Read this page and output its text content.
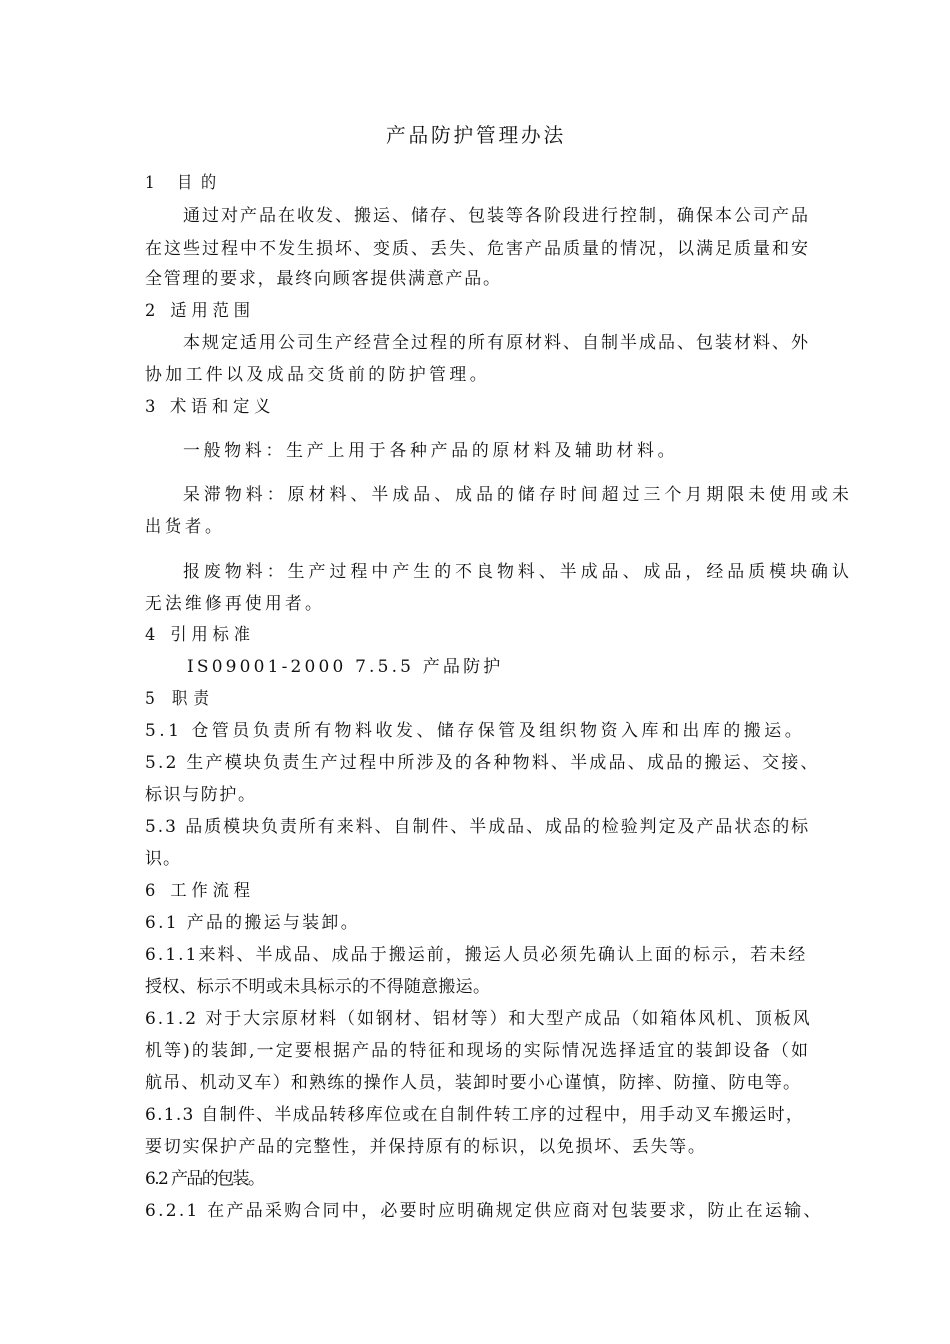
产品防护管理办法
1 目的
通过对产品在收发、搬运、储存、包装等各阶段进行控制，确保本公司产品
在这些过程中不发生损坏、变质、丢失、危害产品质量的情况，以满足质量和安
全管理的要求，最终向顾客提供满意产品。
2 适用范围
本规定适用公司生产经营全过程的所有原材料、自制半成品、包装材料、外
协加工件以及成品交货前的防护管理。
3 术语和定义
一般物料：生产上用于各种产品的原材料及辅助材料。
呆滞物料：原材料、半成品、成品的储存时间超过三个月期限未使用或未
出货者。
报废物料：生产过程中产生的不良物料、半成品、成品，经品质模块确认
无法维修再使用者。
4 引用标准
IS09001-2000 7.5.5 产品防护
5 职责
5.1 仓管员负责所有物料收发、储存保管及组织物资入库和出库的搬运。
5.2 生产模块负责生产过程中所涉及的各种物料、半成品、成品的搬运、交接、
标识与防护。
5.3 品质模块负责所有来料、自制件、半成品、成品的检验判定及产品状态的标
识。
6 工作流程
6.1 产品的搬运与装卸。
6.1.1来料、半成品、成品于搬运前，搬运人员必须先确认上面的标示，若未经
授权、标示不明或未具标示的不得随意搬运。
6.1.2 对于大宗原材料（如钢材、铝材等）和大型产成品（如箱体风机、顶板风
机等)的装卸,一定要根据产品的特征和现场的实际情况选择适宜的装卸设备（如
航吊、机动叉车）和熟练的操作人员，装卸时要小心谨慎，防摔、防撞、防电等。
6.1.3 自制件、半成品转移库位或在自制件转工序的过程中，用手动叉车搬运时，
要切实保护产品的完整性，并保持原有的标识，以免损坏、丢失等。
6.2 产品的包装。
6.2.1 在产品采购合同中，必要时应明确规定供应商对包装要求，防止在运输、
